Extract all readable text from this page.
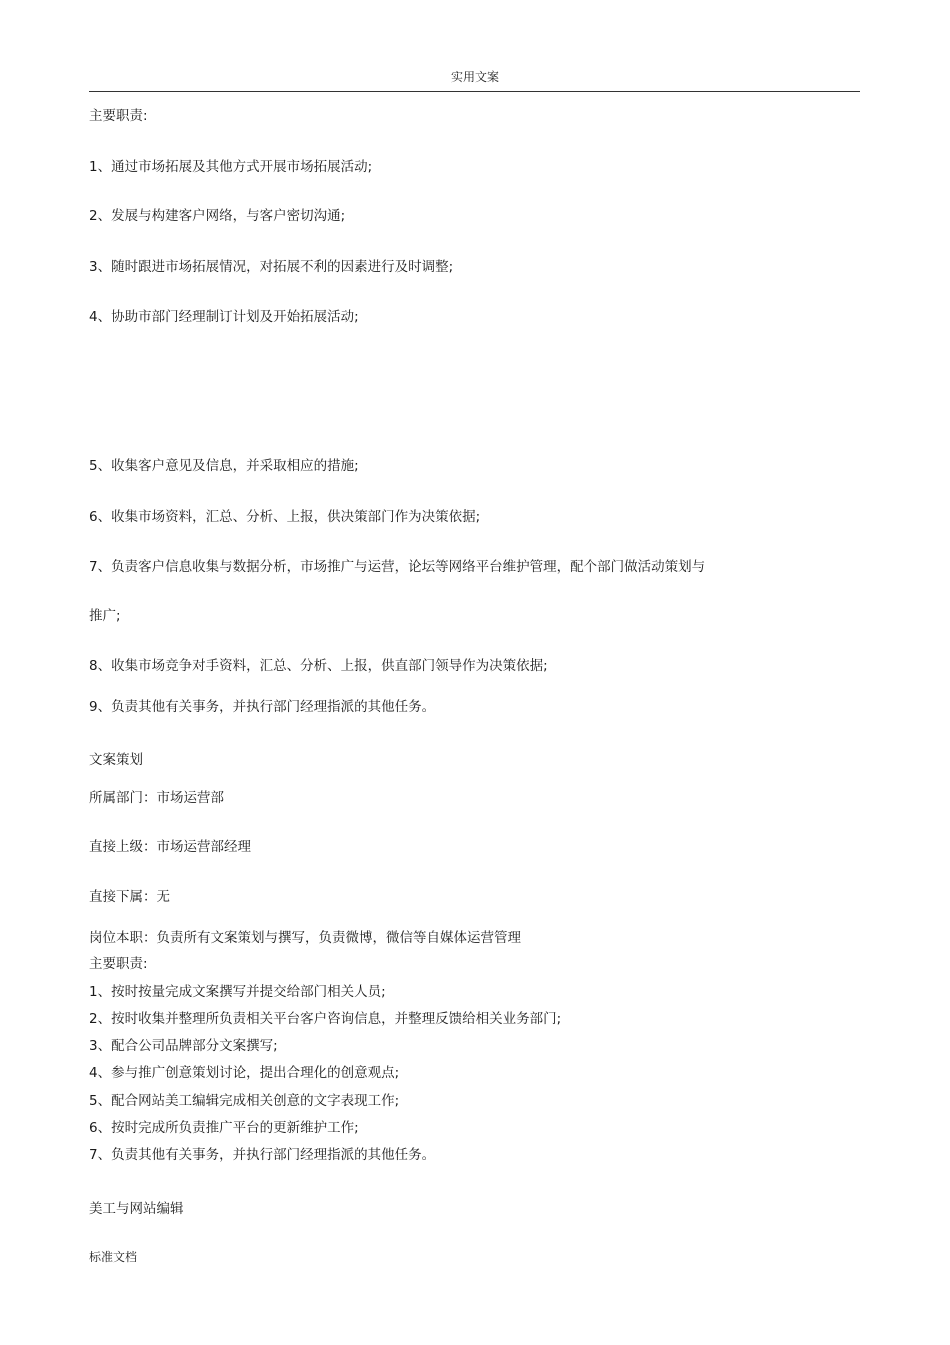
实用文案
主要职责:
1、通过市场拓展及其他方式开展市场拓展活动;
2、发展与构建客户网络，与客户密切沟通;
3、随时跟进市场拓展情况，对拓展不利的因素进行及时调整;
4、协助市部门经理制订计划及开始拓展活动;
5、收集客户意见及信息，并采取相应的措施;
6、收集市场资料，汇总、分析、上报，供决策部门作为决策依据;
7、负责客户信息收集与数据分析，市场推广与运营，论坛等网络平台维护管理，配个部门做活动策划与
推广;
8、收集市场竞争对手资料，汇总、分析、上报，供直部门领导作为决策依据;
9、负责其他有关事务，并执行部门经理指派的其他任务。
文案策划
所属部门：市场运营部
直接上级：市场运营部经理
直接下属：无
岗位本职：负责所有文案策划与撰写，负责微博，微信等自媒体运营管理
主要职责:
1、按时按量完成文案撰写并提交给部门相关人员;
2、按时收集并整理所负责相关平台客户咨询信息，并整理反馈给相关业务部门;
3、配合公司品牌部分文案撰写;
4、参与推广创意策划讨论，提出合理化的创意观点;
5、配合网站美工编辑完成相关创意的文字表现工作;
6、按时完成所负责推广平台的更新维护工作;
7、负责其他有关事务，并执行部门经理指派的其他任务。
美工与网站编辑
标准文档
